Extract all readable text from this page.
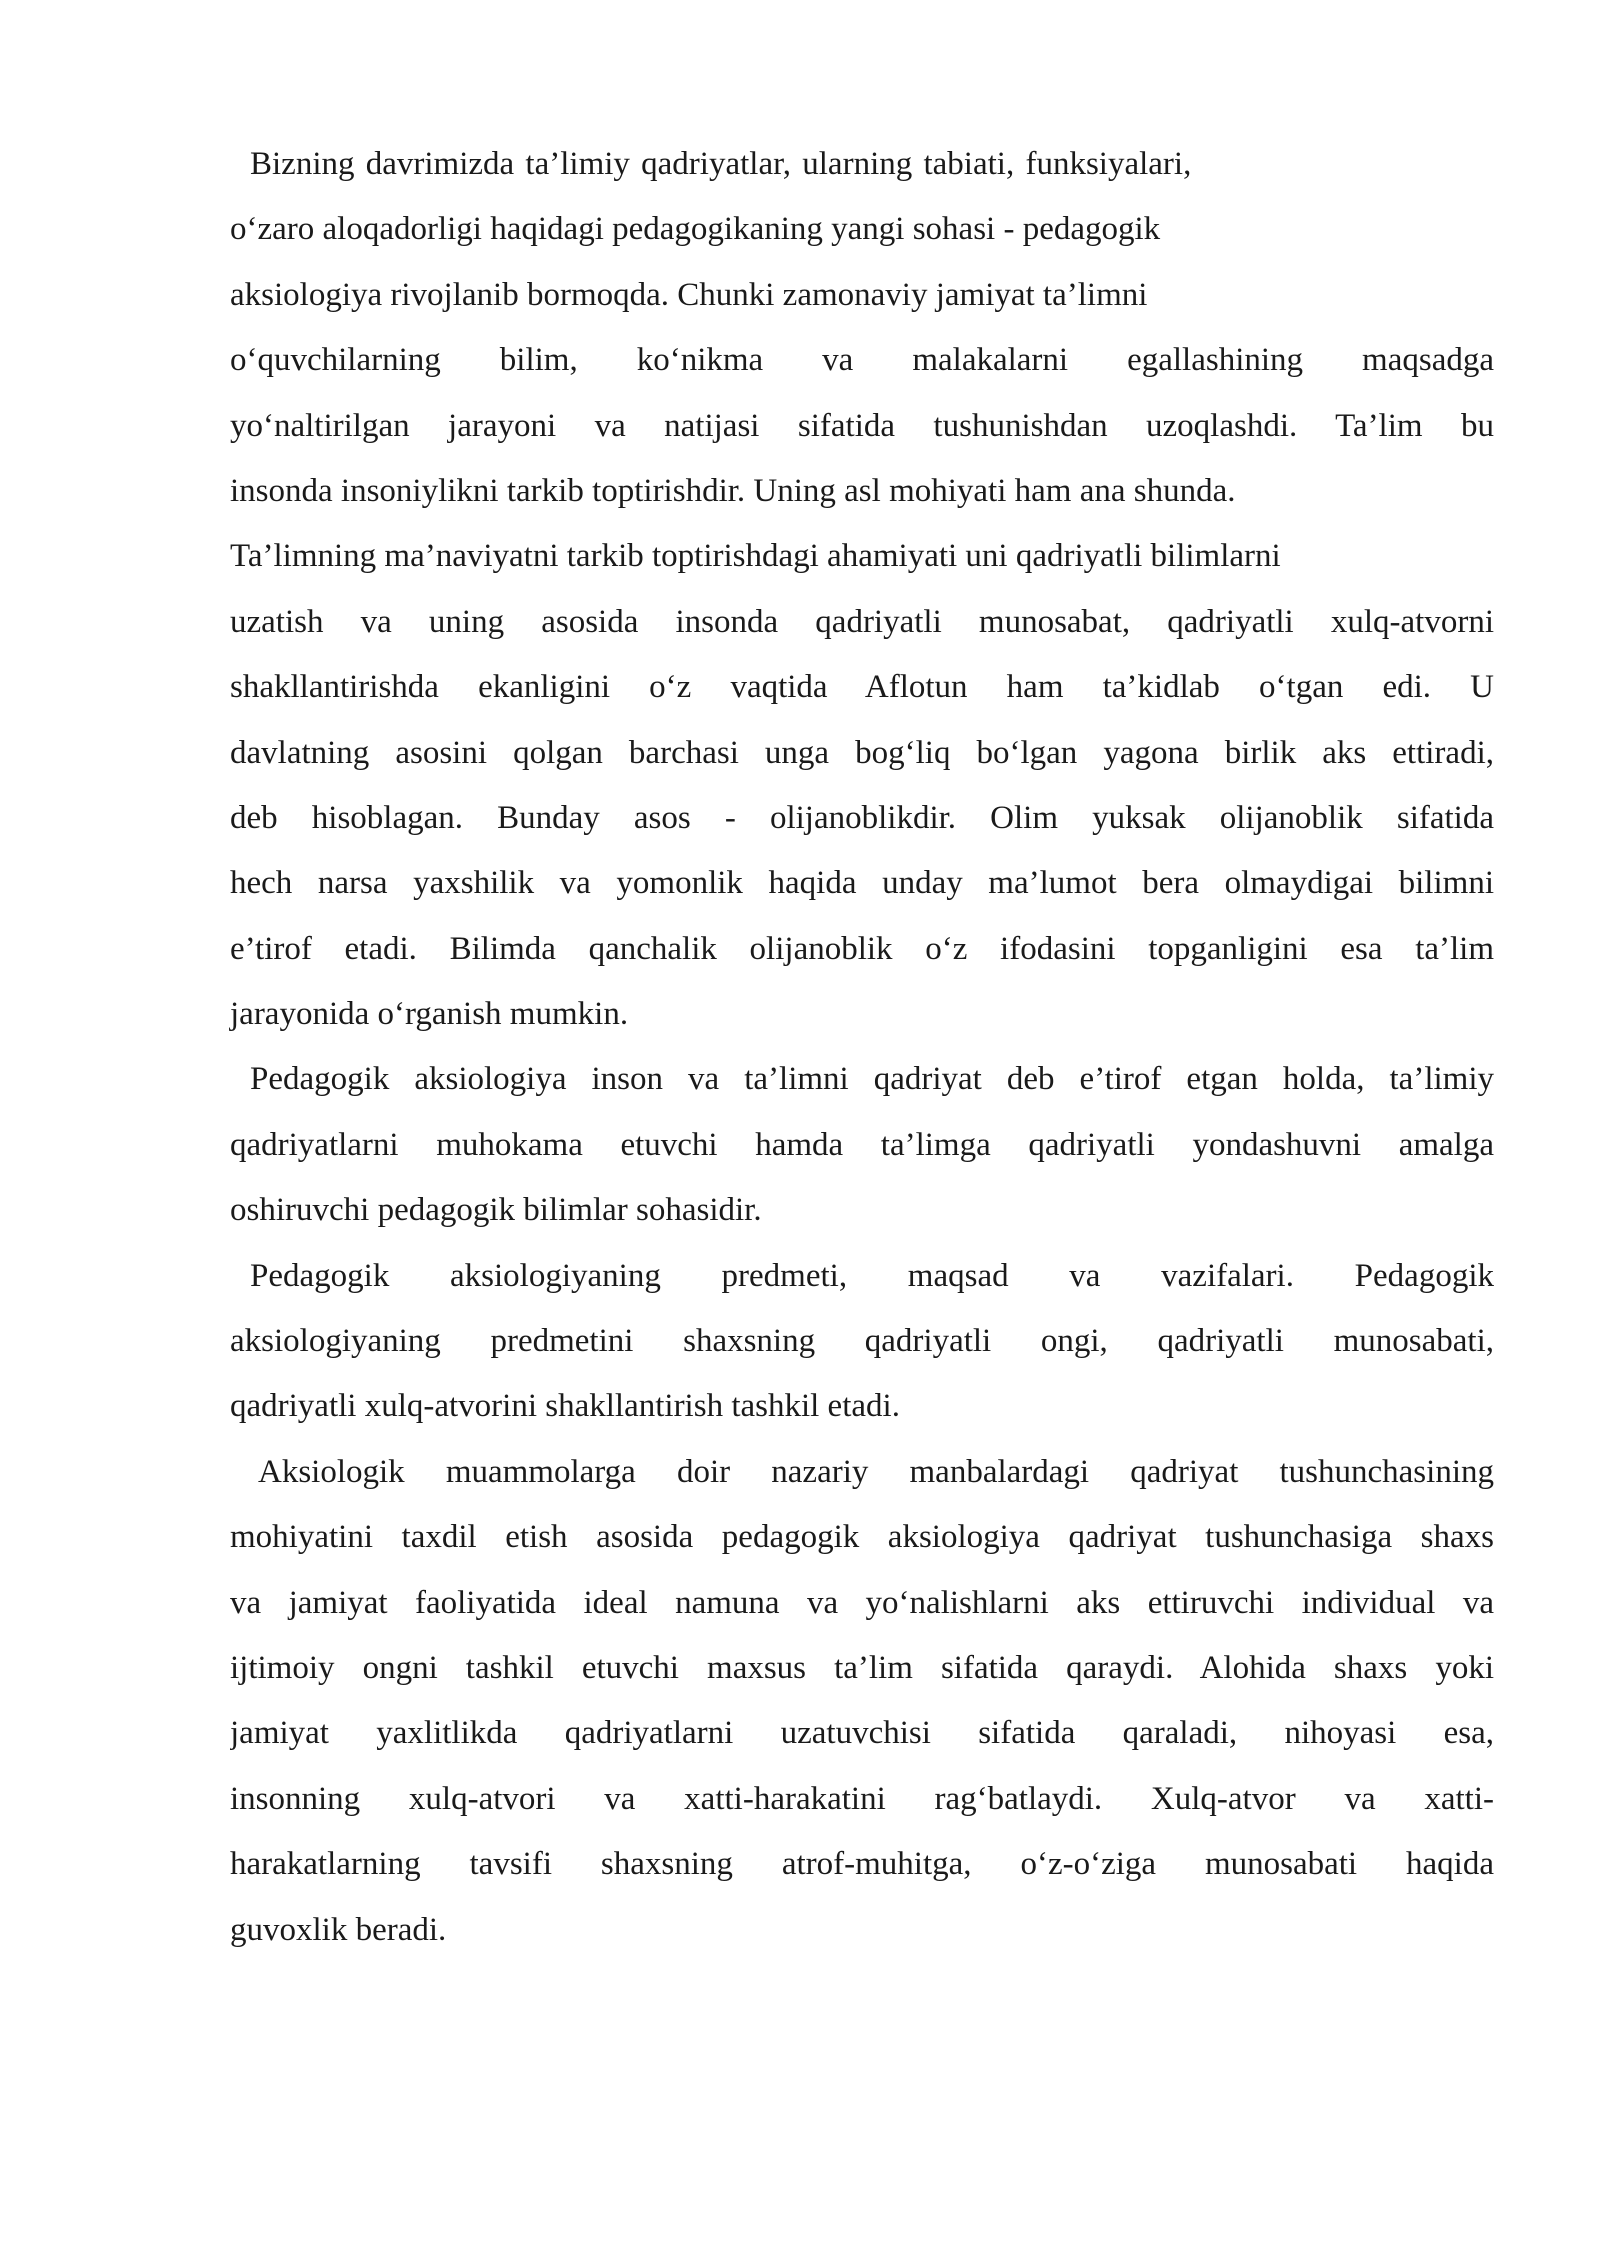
Bizning davrimizda ta’limiy qadriyatlar, ularning tabiati, funksiyalari,
o‘zaro aloqadorligi haqidagi pedagogikaning yangi sohasi - pedagogik
aksiologiya rivojlanib bormoqda. Chunki zamonaviy jamiyat ta’limni
o‘quvchilarning bilim, ko‘nikma va malakalarni egallashining maqsadga
yo‘naltirilgan jarayoni va natijasi sifatida tushunishdan uzoqlashdi. Ta’lim bu
insonda insoniylikni tarkib toptirishdir. Uning asl mohiyati ham ana shunda.
Ta’limning ma’naviyatni tarkib toptirishdagi ahamiyati uni qadriyatli bilimlarni
uzatish va uning asosida insonda qadriyatli munosabat, qadriyatli xulq-atvorni
shakllantirishda ekanligini o‘z vaqtida Aflotun ham ta’kidlab o‘tgan edi. U
davlatning asosini qolgan barchasi unga bog‘liq bo‘lgan yagona birlik aks ettiradi,
deb hisoblagan. Bunday asos - olijanoblikdir. Olim yuksak olijanoblik sifatida
hech narsa yaxshilik va yomonlik haqida unday ma’lumot bera olmaydigai bilimni
e’tirof etadi. Bilimda qanchalik olijanoblik o‘z ifodasini topganligini esa ta’lim
jarayonida o‘rganish mumkin.
Pedagogik aksiologiya inson va ta’limni qadriyat deb e’tirof etgan holda, ta’limiy
qadriyatlarni muhokama etuvchi hamda ta’limga qadriyatli yondashuvni amalga
oshiruvchi pedagogik bilimlar sohasidir.
Pedagogik aksiologiyaning predmeti, maqsad va vazifalari. Pedagogik
aksiologiyaning predmetini shaxsning qadriyatli ongi, qadriyatli munosabati,
qadriyatli xulq-atvorini shakllantirish tashkil etadi.
Aksiologik muammolarga doir nazariy manbalardagi qadriyat tushunchasining
mohiyatini taxdil etish asosida pedagogik aksiologiya qadriyat tushunchasiga shaxs
va jamiyat faoliyatida ideal namuna va yo‘nalishlarni aks ettiruvchi individual va
ijtimoiy ongni tashkil etuvchi maxsus ta’lim sifatida qaraydi. Alohida shaxs yoki
jamiyat yaxlitlikda qadriyatlarni uzatuvchisi sifatida qaraladi, nihoyasi esa,
insonning xulq-atvori va xatti-harakatini rag‘batlaydi. Xulq-atvor va xatti-
harakatlarning tavsifi shaxsning atrof-muhitga, o‘z-o‘ziga munosabati haqida
guvoxlik beradi.
